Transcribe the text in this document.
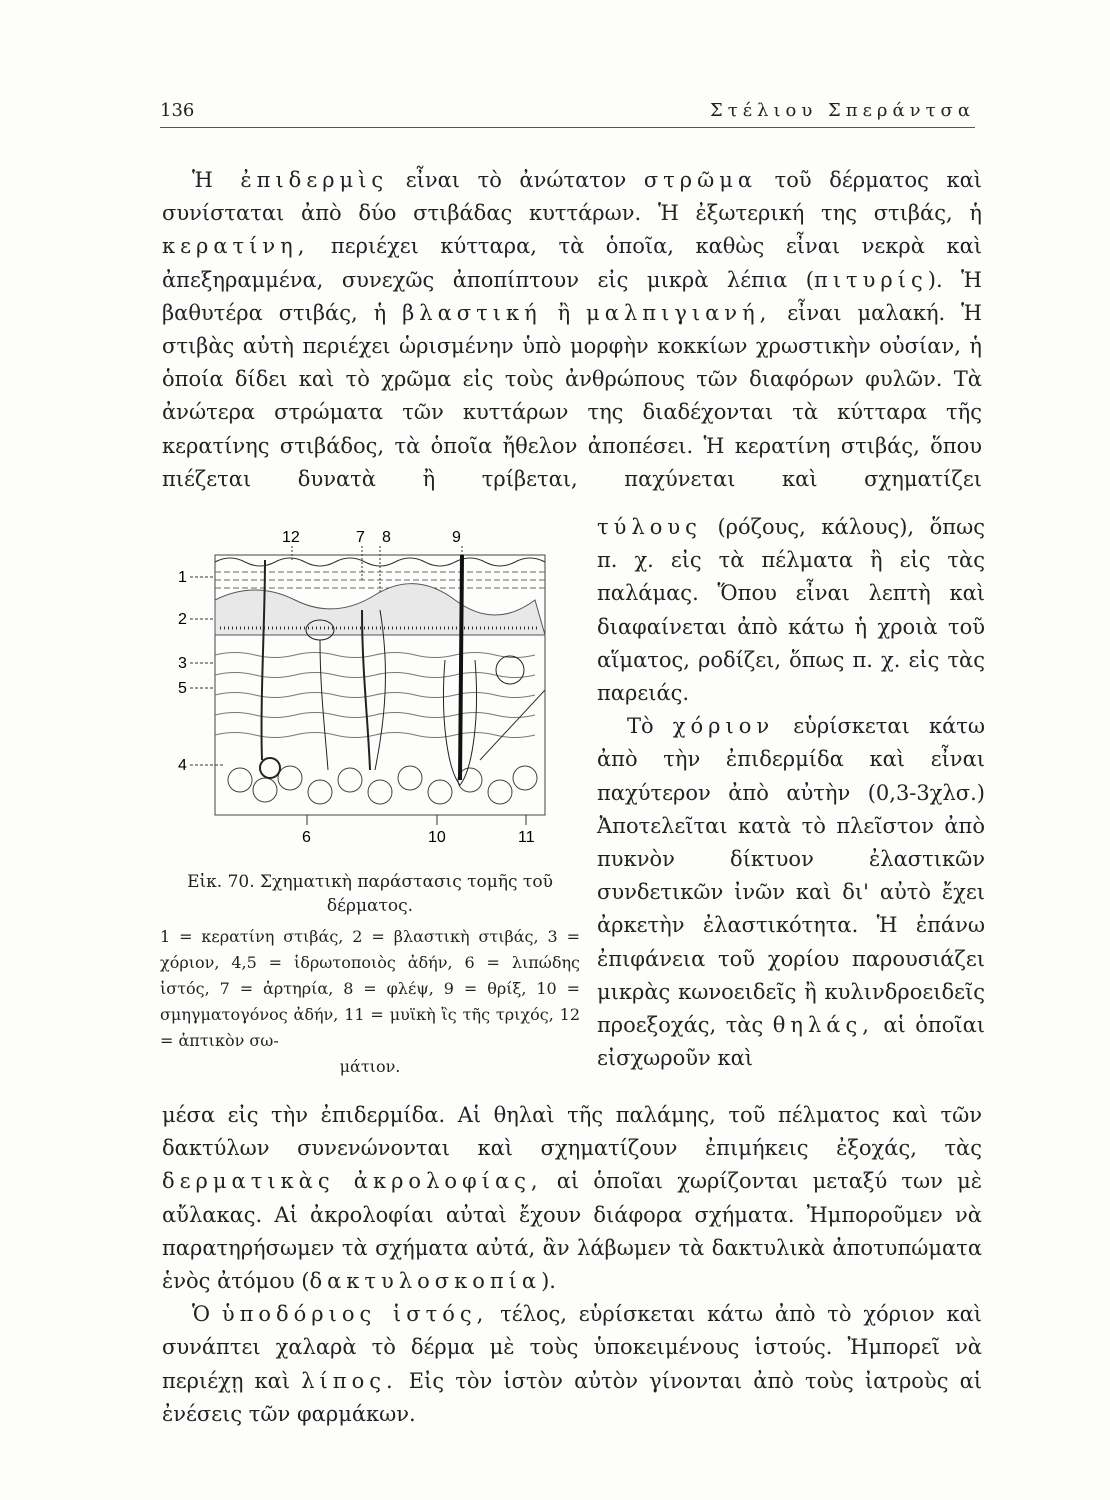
136	Στέλιου Σπεράντσα
Ἡ ἐπιδερμὶς εἶναι τὸ ἀνώτατον στρῶμα τοῦ δέρματος καὶ συνίσταται ἀπὸ δύο στιβάδας κυττάρων. Ἡ ἐξωτερική της στιβάς, ἡ κερατίνη, περιέχει κύτταρα, τὰ ὁποῖα, καθὼς εἶναι νεκρὰ καὶ ἀπεξηραμμένα, συνεχῶς ἀποπίπτουν εἰς μικρὰ λέπια (πιτυρίς). Ἡ βαθυτέρα στιβάς, ἡ βλαστική ἢ μαλπιγιανή, εἶναι μαλακή. Ἡ στιβὰς αὐτὴ περιέχει ὡρισμένην ὑπὸ μορφὴν κοκκίων χρωστικὴν οὐσίαν, ἡ ὁποία δίδει καὶ τὸ χρῶμα εἰς τοὺς ἀνθρώπους τῶν διαφόρων φυλῶν. Τὰ ἀνώτερα στρώματα τῶν κυττάρων της διαδέχονται τὰ κύτταρα τῆς κερατίνης στιβάδος, τὰ ὁποῖα ἤθελον ἀποπέσει. Ἡ κερατίνη στιβάς, ὅπου πιέζεται δυνατὰ ἢ τρίβεται, παχύνεται καὶ σχηματίζει
12	7 8	9
1
2
3
5
4
6	10	11
Εἰκ. 70. Σχηματικὴ παράστασις τομῆς τοῦ δέρματος.
1 = κερατίνη στιβάς, 2 = βλαστικὴ στιβάς, 3 = χόριον, 4,5 = ἱδρωτοποιὸς ἀδήν, 6 = λιπώδης ἱστός, 7 = ἀρτηρία, 8 = φλέψ, 9 = θρίξ, 10 = σμηγματογόνος ἀδήν, 11 = μυϊκὴ ἲς τῆς τριχός, 12 = ἁπτικὸν σω-
μάτιον.
τύλους (ρόζους, κάλους), ὅπως π. χ. εἰς τὰ πέλματα ἢ εἰς τὰς παλάμας. Ὅπου εἶναι λεπτὴ καὶ διαφαίνεται ἀπὸ κάτω ἡ χροιὰ τοῦ αἵματος, ροδίζει, ὅπως π. χ. εἰς τὰς παρειάς.
Τὸ χόριον εὑρίσκεται κάτω ἀπὸ τὴν ἐπιδερμίδα καὶ εἶναι παχύτερον ἀπὸ αὐτὴν (0,3-3χλσ.) Ἀποτελεῖται κατὰ τὸ πλεῖστον ἀπὸ πυκνὸν δίκτυον ἐλαστικῶν συνδετικῶν ἰνῶν καὶ δι' αὐτὸ ἔχει ἀρκετὴν ἐλαστικότητα. Ἡ ἐπάνω ἐπιφάνεια τοῦ χορίου παρουσιάζει μικρὰς κωνοειδεῖς ἢ κυλινδροειδεῖς προεξοχάς, τὰς θηλάς, αἱ ὁποῖαι εἰσχωροῦν καὶ
μέσα εἰς τὴν ἐπιδερμίδα. Αἱ θηλαὶ τῆς παλάμης, τοῦ πέλματος καὶ τῶν δακτύλων συνενώνονται καὶ σχηματίζουν ἐπιμήκεις ἐξοχάς, τὰς δερματικὰς ἀκρολοφίας, αἱ ὁποῖαι χωρίζονται μεταξύ των μὲ αὔλακας. Αἱ ἀκρολοφίαι αὐταὶ ἔχουν διάφορα σχήματα. Ἠμποροῦμεν νὰ παρατηρήσωμεν τὰ σχήματα αὐτά, ἂν λάβωμεν τὰ δακτυλικὰ ἀποτυπώματα ἑνὸς ἀτόμου (δακτυλοσκοπία).
Ὁ ὑποδόριος ἱστός, τέλος, εὑρίσκεται κάτω ἀπὸ τὸ χόριον καὶ συνάπτει χαλαρὰ τὸ δέρμα μὲ τοὺς ὑποκειμένους ἱστούς. Ἠμπορεῖ νὰ περιέχῃ καὶ λίπος. Εἰς τὸν ἱστὸν αὐτὸν γίνονται ἀπὸ τοὺς ἰατροὺς αἱ ἐνέσεις τῶν φαρμάκων.
